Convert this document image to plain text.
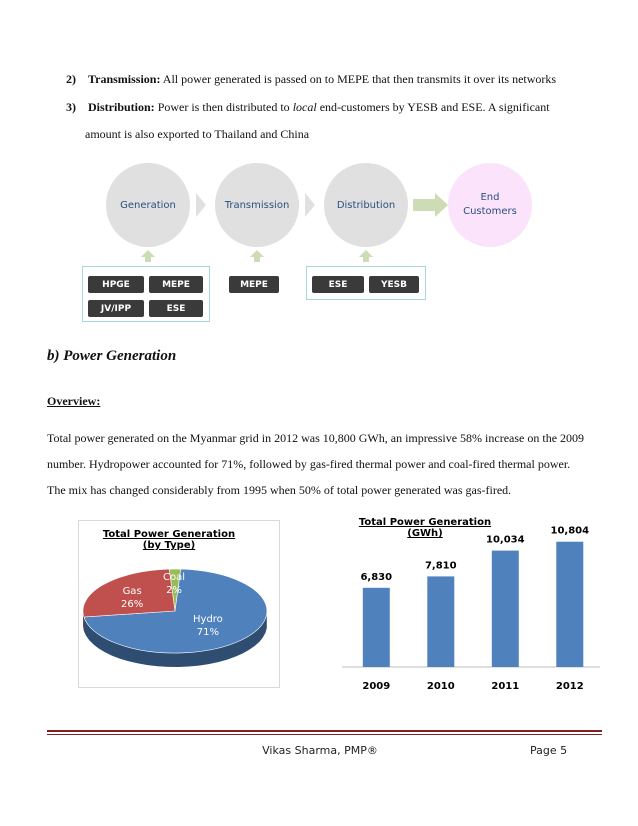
2) Transmission: All power generated is passed on to MEPE that then transmits it over its networks
3) Distribution: Power is then distributed to local end-customers by YESB and ESE. A significant
amount is also exported to Thailand and China
Generation	Transmission	Distribution
End
Customers
HPGE	MEPE
JV/IPP	ESE
MEPE	ESE	YESB
b) Power Generation
Overview:
Total power generated on the Myanmar grid in 2012 was 10,800 GWh, an impressive 58% increase on the 2009
number. Hydropower accounted for 71%, followed by gas-fired thermal power and coal-fired thermal power.
The mix has changed considerably from 1995 when 50% of total power generated was gas-fired.
Total Power Generation
(by Type)
Coal
2%
Gas
26%
Hydro
71%
Total Power Generation
(GWh)
6,830
2009
7,810
2010
10,034
2011
10,804
2012
Vikas Sharma, PMP®	Page 5
